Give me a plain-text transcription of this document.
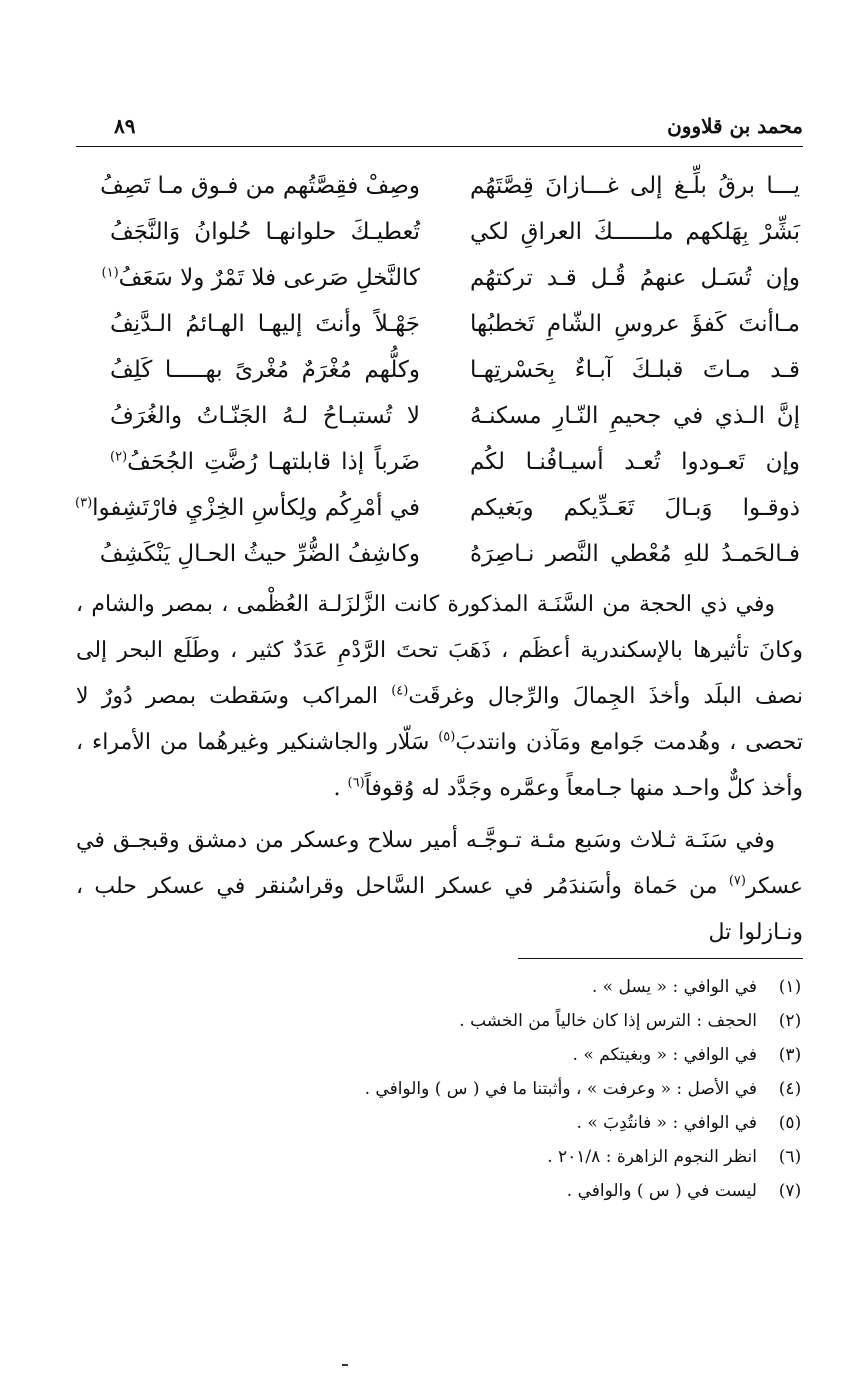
محمد بن قلاوون
٨٩
يـــا برقُ بلِّـغ إلى غـــازانَ قِصَّتَهُم
وصِفْ فقِصَّتُهم من فـوق مـا تَصِفُ
بَشِّرْ بِهَلكهم ملــــــكَ العراقِ لكي
تُعطيـكَ حلوانهـا حُلوانُ وَالنَّجَفُ
وإن تُسَـل عنهمُ قُـل قـد تركتهُم
كالنَّخلِ صَرعى فلا تَمْرٌ ولا سَعَفُ$^{(١)}$
مـاأنتَ كَفؤَ عروسِ الشّامِ تَخطبُها
جَهْـلاً وأنتَ إليهـا الهـائمُ الـدَّنِفُ
قـد مـاتَ قبلـكَ آبـاءٌ بِحَسْرتِهـا
وكلُّهم مُغْرَمٌ مُغْرىً بهـــــا كَلِفُ
إنَّ الـذي في جحيمِ النّـارِ مسكنـهُ
لا تُستبـاحُ لـهُ الجَنّـاتُ والغُرَفُ
وإن تَعـودوا تُعـد أسيـافُنـا لكُم
ضَرباً إذا قابلتهـا رُضَّتِ الجُحَفُ$^{(٢)}$
ذوقـوا وَبـالَ تَعَـدِّيكم وبَغيكم
في أمْرِكُم ولِكأسِ الخِزْيِ فارْتَشِفوا$^{(٣)}$
فـالحَمـدُ للهِ مُعْطي النَّصر نـاصِرَهُ
وكاشِفُ الضُّرِّ حيثُ الحـالِ يَنْكَشِفُ

وفي ذي الحجة من السَّنَـة المذكورة كانت الزَّلزَلـة العُظْمى ، بمصر والشام ، وكانَ تأثيرها بالإسكندرية أعظَم ، ذَهَبَ تحتَ الرَّدْمِ عَدَدٌ كثير ، وطَلَع البحر إلى نصف البلَد وأخذَ الجِمالَ والرِّجال وغرقَت$^{(٤)}$ المراكب وسَقطت بمصر دُورٌ لا تحصى ، وهُدمت جَوامع ومَآذن وانتدبَ$^{(٥)}$ سَلّار والجاشنكير وغيرهُما من الأمراء ، وأخذ كلٌّ واحـد منها جـامعاً وعمَّره وجَدَّد له وُقوفاً$^{(٦)}$ .

وفي سَنَـة ثـلاث وسَبع مئـة تـوجَّـه أمير سلاح وعسكر من دمشق وقبجـق في عسكر$^{(٧)}$ من حَماة وأسَندَمُر في عسكر السَّاحل وقراسُنقر في عسكر حلب ، ونـازلوا تل

(١)
في الوافي : « يسل » .
(٢)
الحجف : الترس إذا كان خالياً من الخشب .
(٣)
في الوافي : « وبغيتكم » .
(٤)
في الأصل : « وعرفت » ، وأثبتنا ما في ( س ) والوافي .
(٥)
في الوافي : « فانتُدِبَ » .
(٦)
انظر النجوم الزاهرة : ٢٠١/٨ .
(٧)
ليست في ( س ) والوافي .
